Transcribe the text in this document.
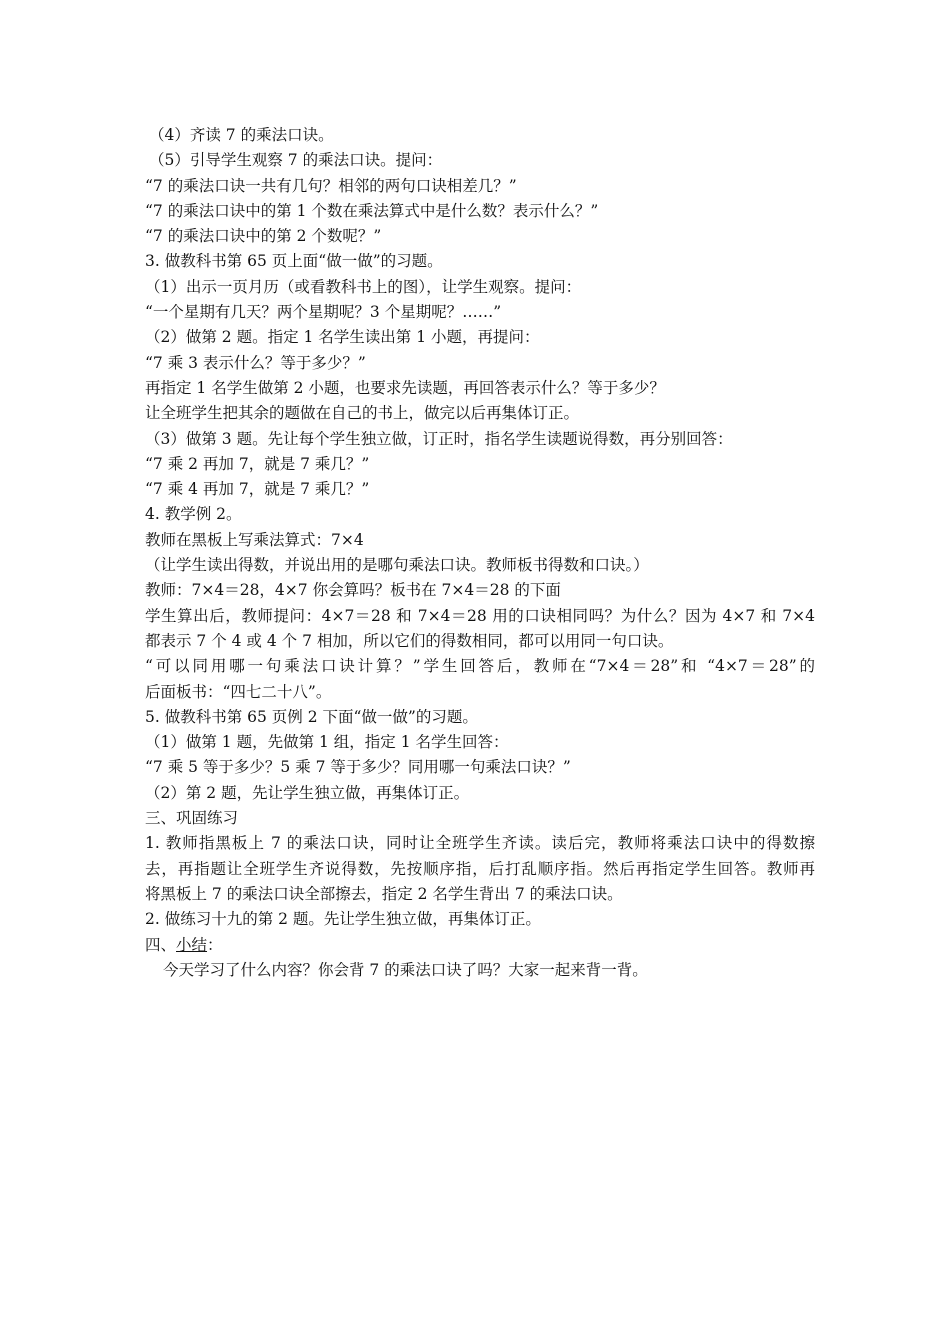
（4）齐读 7 的乘法口诀。
（5）引导学生观察 7 的乘法口诀。提问：
“7 的乘法口诀一共有几句？相邻的两句口诀相差几？”
“7 的乘法口诀中的第 1 个数在乘法算式中是什么数？表示什么？”
“7 的乘法口诀中的第 2 个数呢？”
3. 做教科书第 65 页上面“做一做”的习题。
（1）出示一页月历（或看教科书上的图），让学生观察。提问：
“一个星期有几天？两个星期呢？3 个星期呢？……”
（2）做第 2 题。指定 1 名学生读出第 1 小题，再提问：
“7 乘 3 表示什么？等于多少？”
再指定 1 名学生做第 2 小题，也要求先读题，再回答表示什么？等于多少？
让全班学生把其余的题做在自己的书上，做完以后再集体订正。
（3）做第 3 题。先让每个学生独立做，订正时，指名学生读题说得数，再分别回答：
“7 乘 2 再加 7，就是 7 乘几？”
“7 乘 4 再加 7，就是 7 乘几？”
4. 教学例 2。
教师在黑板上写乘法算式：7×4
（让学生读出得数，并说出用的是哪句乘法口诀。教师板书得数和口诀。）
教师：7×4＝28，4×7 你会算吗？板书在 7×4＝28 的下面
学生算出后，教师提问：4×7＝28 和 7×4＝28 用的口诀相同吗？为什么？因为 4×7 和 7×4
都表示 7 个 4 或 4 个 7 相加，所以它们的得数相同，都可以用同一句口诀。
“可以同用哪一句乘法口诀计算？”学生回答后，教师在“7×4＝28”和 “4×7＝28”的
后面板书：“四七二十八”。
5. 做教科书第 65 页例 2 下面“做一做”的习题。
（1）做第 1 题，先做第 1 组，指定 1 名学生回答：
“7 乘 5 等于多少？5 乘 7 等于多少？同用哪一句乘法口诀？”
（2）第 2 题，先让学生独立做，再集体订正。
三、巩固练习
1. 教师指黑板上 7 的乘法口诀，同时让全班学生齐读。读后完，教师将乘法口诀中的得数擦
去，再指题让全班学生齐说得数，先按顺序指，后打乱顺序指。然后再指定学生回答。教师再
将黑板上 7 的乘法口诀全部擦去，指定 2 名学生背出 7 的乘法口诀。
2. 做练习十九的第 2 题。先让学生独立做，再集体订正。
四、小结：
今天学习了什么内容？你会背 7 的乘法口诀了吗？大家一起来背一背。
